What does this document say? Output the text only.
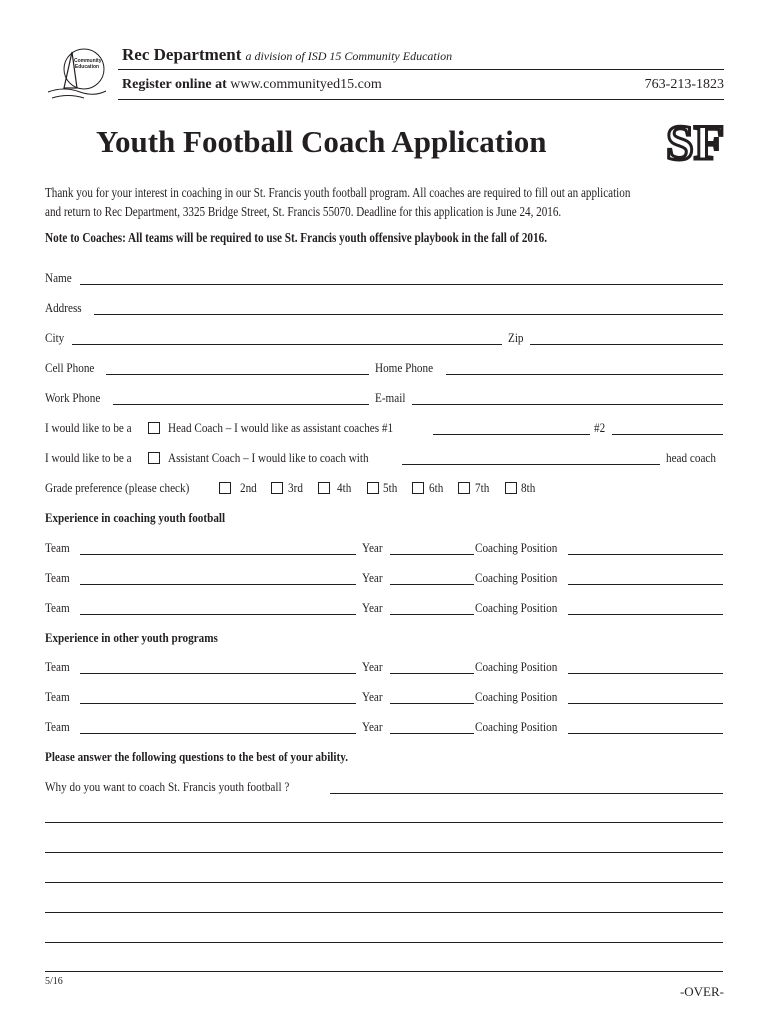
Community Education
Rec Department a division of ISD 15 Community Education
Register online at www.communityed15.com	763-213-1823
Youth Football Coach Application SF
Thank you for your interest in coaching in our St. Francis youth football program. All coaches are required to fill out an application
and return to Rec Department, 3325 Bridge Street, St. Francis 55070. Deadline for this application is June 24, 2016.
Note to Coaches: All teams will be required to use St. Francis youth offensive playbook in the fall of 2016.
Name
Address
City	Zip
Cell Phone	Home Phone
Work Phone	E-mail
I would like to be a	Head Coach – I would like as assistant coaches #1	#2
I would like to be a	Assistant Coach – I would like to coach with	head coach
Grade preference (please check)	2nd 3rd	4th 5th 6th 7th 8th
Experience in coaching youth football
Team	Year	Coaching Position
Team	Year	Coaching Position
Team	Year	Coaching Position
Experience in other youth programs
Team	Year	Coaching Position
Team	Year	Coaching Position
Team	Year	Coaching Position
Please answer the following questions to the best of your ability.
Why do you want to coach St. Francis youth football ?
5/16
-OVER-
